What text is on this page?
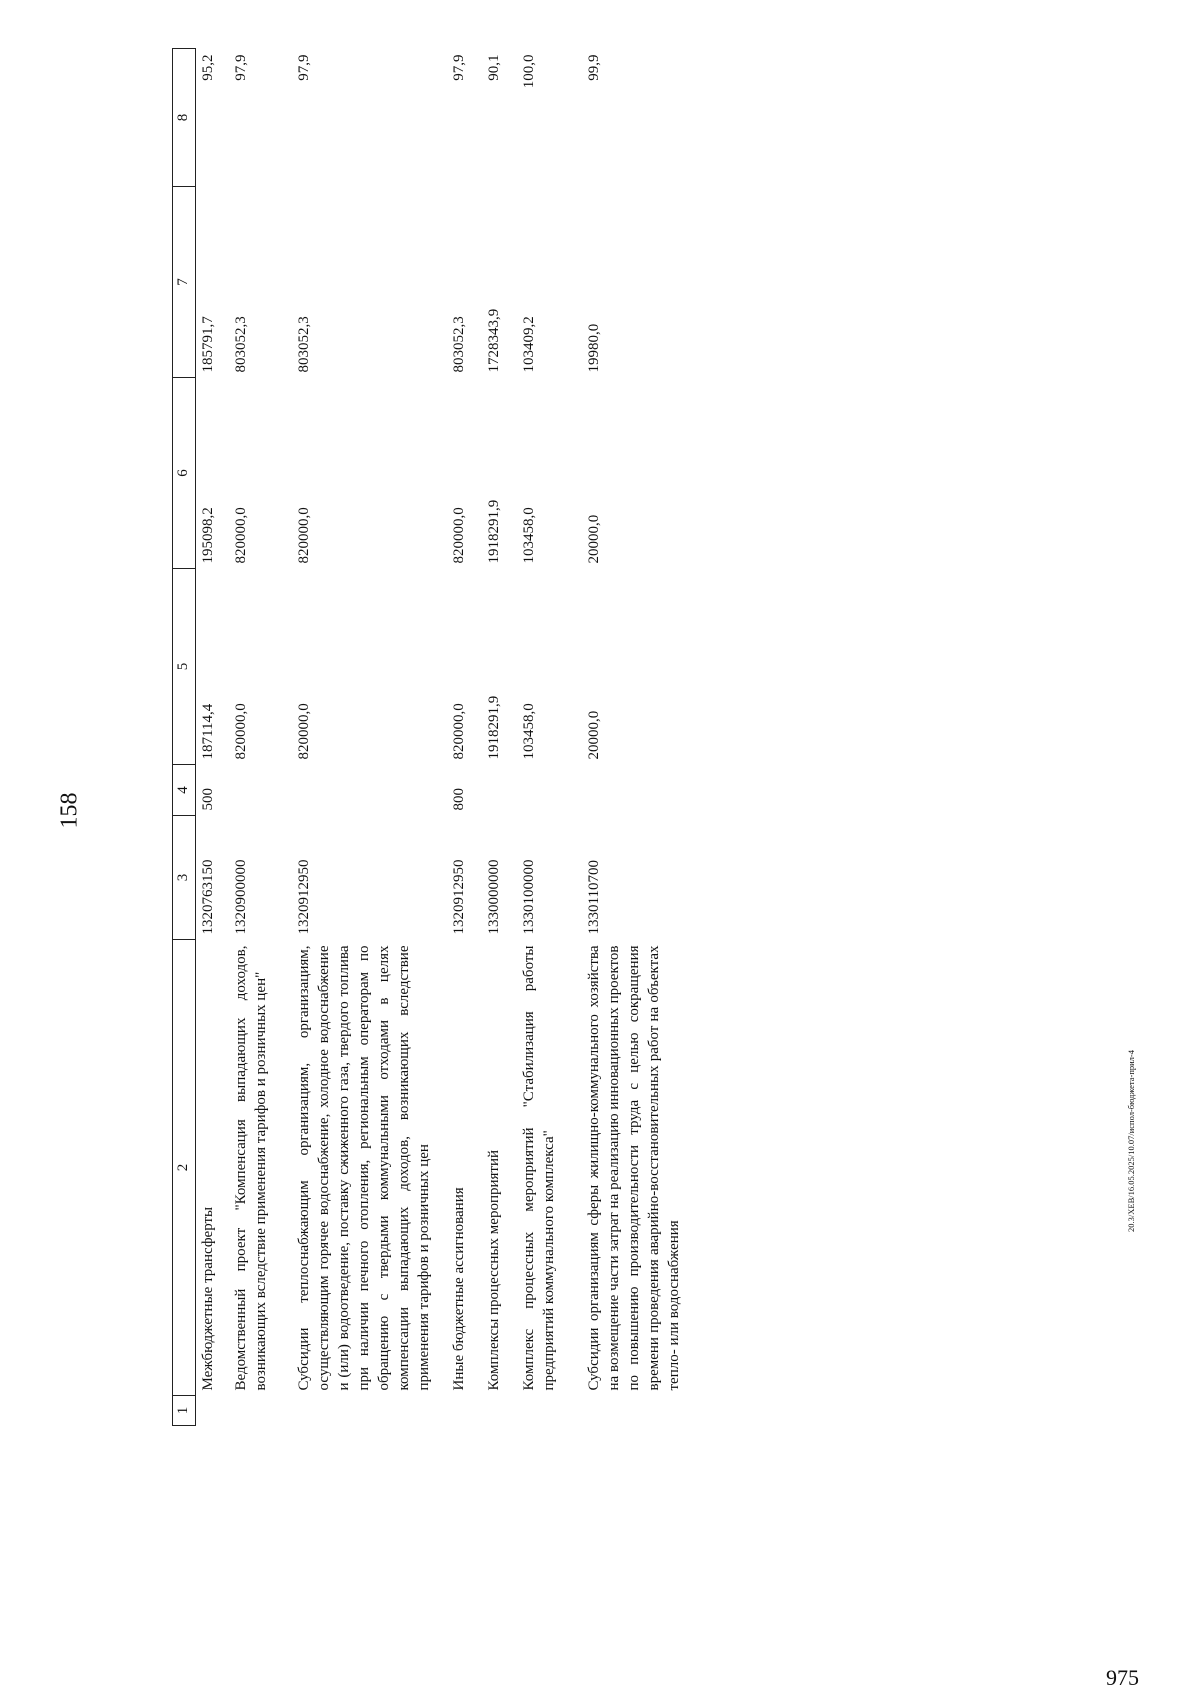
158
1	2	3	4	5	6	7	8
	Межбюджетные трансферты	1320763150	500	187114,4	195098,2	185791,7	95,2
	Ведомственный проект "Компенсация выпадающих доходов, возникающих вследствие применения тарифов и розничных цен"	1320900000		820000,0	820000,0	803052,3	97,9
	Субсидии теплоснабжающим организациям, организациям, осуществляющим горячее водоснабжение, холодное водоснабжение и (или) водоотведение, поставку сжиженного газа, твердого топлива при наличии печного отопления, региональным операторам по обращению с твердыми коммунальными отходами в целях компенсации выпадающих доходов, возникающих вследствие применения тарифов и розничных цен	1320912950		820000,0	820000,0	803052,3	97,9
	Иные бюджетные ассигнования	1320912950	800	820000,0	820000,0	803052,3	97,9
	Комплексы процессных мероприятий	1330000000		1918291,9	1918291,9	1728343,9	90,1
	Комплекс процессных мероприятий "Стабилизация работы предприятий коммунального комплекса"	1330100000		103458,0	103458,0	103409,2	100,0
	Субсидии организациям сферы жилищно-коммунального хозяйства на возмещение части затрат на реализацию инновационных проектов по повышению производительности труда с целью сокращения времени проведения аварийно-восстановительных работ на объектах тепло- или водоснабжения	1330110700		20000,0	20000,0	19980,0	99,9
20.3/XEB/16.05.2025/10.07/испол-бюджета-прил-4
975
